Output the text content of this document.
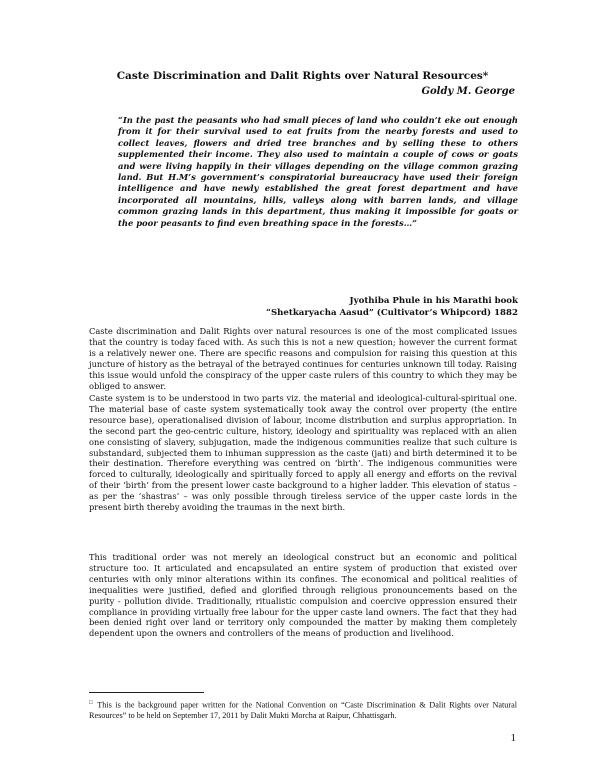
Caste Discrimination and Dalit Rights over Natural Resources*
Goldy M. George

“In the past the peasants who had small pieces of land who couldn’t eke out enough from it for their survival used to eat fruits from the nearby forests and used to collect leaves, flowers and dried tree branches and by selling these to others supplemented their income. They also used to maintain a couple of cows or goats and were living happily in their villages depending on the village common grazing land. But H.M’s government’s conspiratorial bureaucracy have used their foreign intelligence and have newly established the great forest department and have incorporated all mountains, hills, valleys along with barren lands, and village common grazing lands in this department, thus making it impossible for goats or the poor peasants to find even breathing space in the forests…”

Jyothiba Phule in his Marathi book
“Shetkaryacha Aasud” (Cultivator’s Whipcord) 1882

Caste discrimination and Dalit Rights over natural resources is one of the most complicated issues that the country is today faced with. As such this is not a new question; however the current format is a relatively newer one. There are specific reasons and compulsion for raising this question at this juncture of history as the betrayal of the betrayed continues for centuries unknown till today. Raising this issue would unfold the conspiracy of the upper caste rulers of this country to which they may be obliged to answer.

Caste system is to be understood in two parts viz. the material and ideological-cultural-spiritual one. The material base of caste system systematically took away the control over property (the entire resource base), operationalised division of labour, income distribution and surplus appropriation. In the second part the geo-centric culture, history, ideology and spirituality was replaced with an alien one consisting of slavery, subjugation, made the indigenous communities realize that such culture is substandard, subjected them to inhuman suppression as the caste (jati) and birth determined it to be their destination. Therefore everything was centred on ‘birth’. The indigenous communities were forced to culturally, ideologically and spiritually forced to apply all energy and efforts on the revival of their ‘birth’ from the present lower caste background to a higher ladder. This elevation of status – as per the ‘shastras’ – was only possible through tireless service of the upper caste lords in the present birth thereby avoiding the traumas in the next birth.

This traditional order was not merely an ideological construct but an economic and political structure too. It articulated and encapsulated an entire system of production that existed over centuries with only minor alterations within its confines. The economical and political realities of inequalities were justified, defied and glorified through religious pronouncements based on the purity - pollution divide. Traditionally, ritualistic compulsion and coercive oppression ensured their compliance in providing virtually free labour for the upper caste land owners. The fact that they had been denied right over land or territory only compounded the matter by making them completely dependent upon the owners and controllers of the means of production and livelihood.

□ This is the background paper written for the National Convention on “Caste Discrimination & Dalit Rights over Natural Resources” to be held on September 17, 2011 by Dalit Mukti Morcha at Raipur, Chhattisgarh.

1
